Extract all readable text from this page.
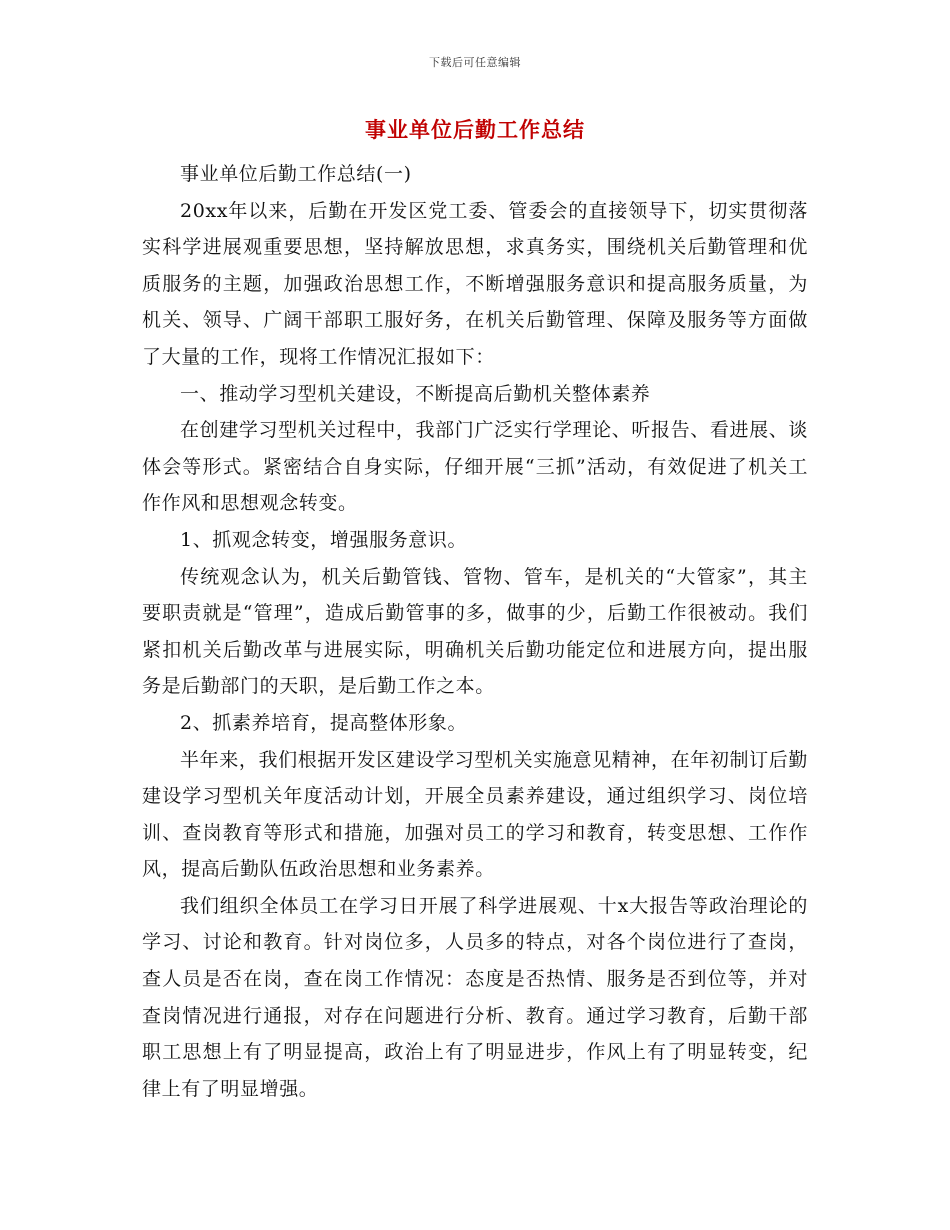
下载后可任意编辑
事业单位后勤工作总结

事业单位后勤工作总结(一)

20xx年以来，后勤在开发区党工委、管委会的直接领导下，切实贯彻落实科学进展观重要思想，坚持解放思想，求真务实，围绕机关后勤管理和优质服务的主题，加强政治思想工作，不断增强服务意识和提高服务质量，为机关、领导、广阔干部职工服好务，在机关后勤管理、保障及服务等方面做了大量的工作，现将工作情况汇报如下：

一、推动学习型机关建设，不断提高后勤机关整体素养

在创建学习型机关过程中，我部门广泛实行学理论、听报告、看进展、谈体会等形式。紧密结合自身实际，仔细开展“三抓”活动，有效促进了机关工作作风和思想观念转变。

1、抓观念转变，增强服务意识。

传统观念认为，机关后勤管钱、管物、管车，是机关的“大管家”，其主要职责就是“管理”，造成后勤管事的多，做事的少，后勤工作很被动。我们紧扣机关后勤改革与进展实际，明确机关后勤功能定位和进展方向，提出服务是后勤部门的天职，是后勤工作之本。

2、抓素养培育，提高整体形象。

半年来，我们根据开发区建设学习型机关实施意见精神，在年初制订后勤建设学习型机关年度活动计划，开展全员素养建设，通过组织学习、岗位培训、查岗教育等形式和措施，加强对员工的学习和教育，转变思想、工作作风，提高后勤队伍政治思想和业务素养。

我们组织全体员工在学习日开展了科学进展观、十x大报告等政治理论的学习、讨论和教育。针对岗位多，人员多的特点，对各个岗位进行了查岗，查人员是否在岗，查在岗工作情况：态度是否热情、服务是否到位等，并对查岗情况进行通报，对存在问题进行分析、教育。通过学习教育，后勤干部职工思想上有了明显提高，政治上有了明显进步，作风上有了明显转变，纪律上有了明显增强。
